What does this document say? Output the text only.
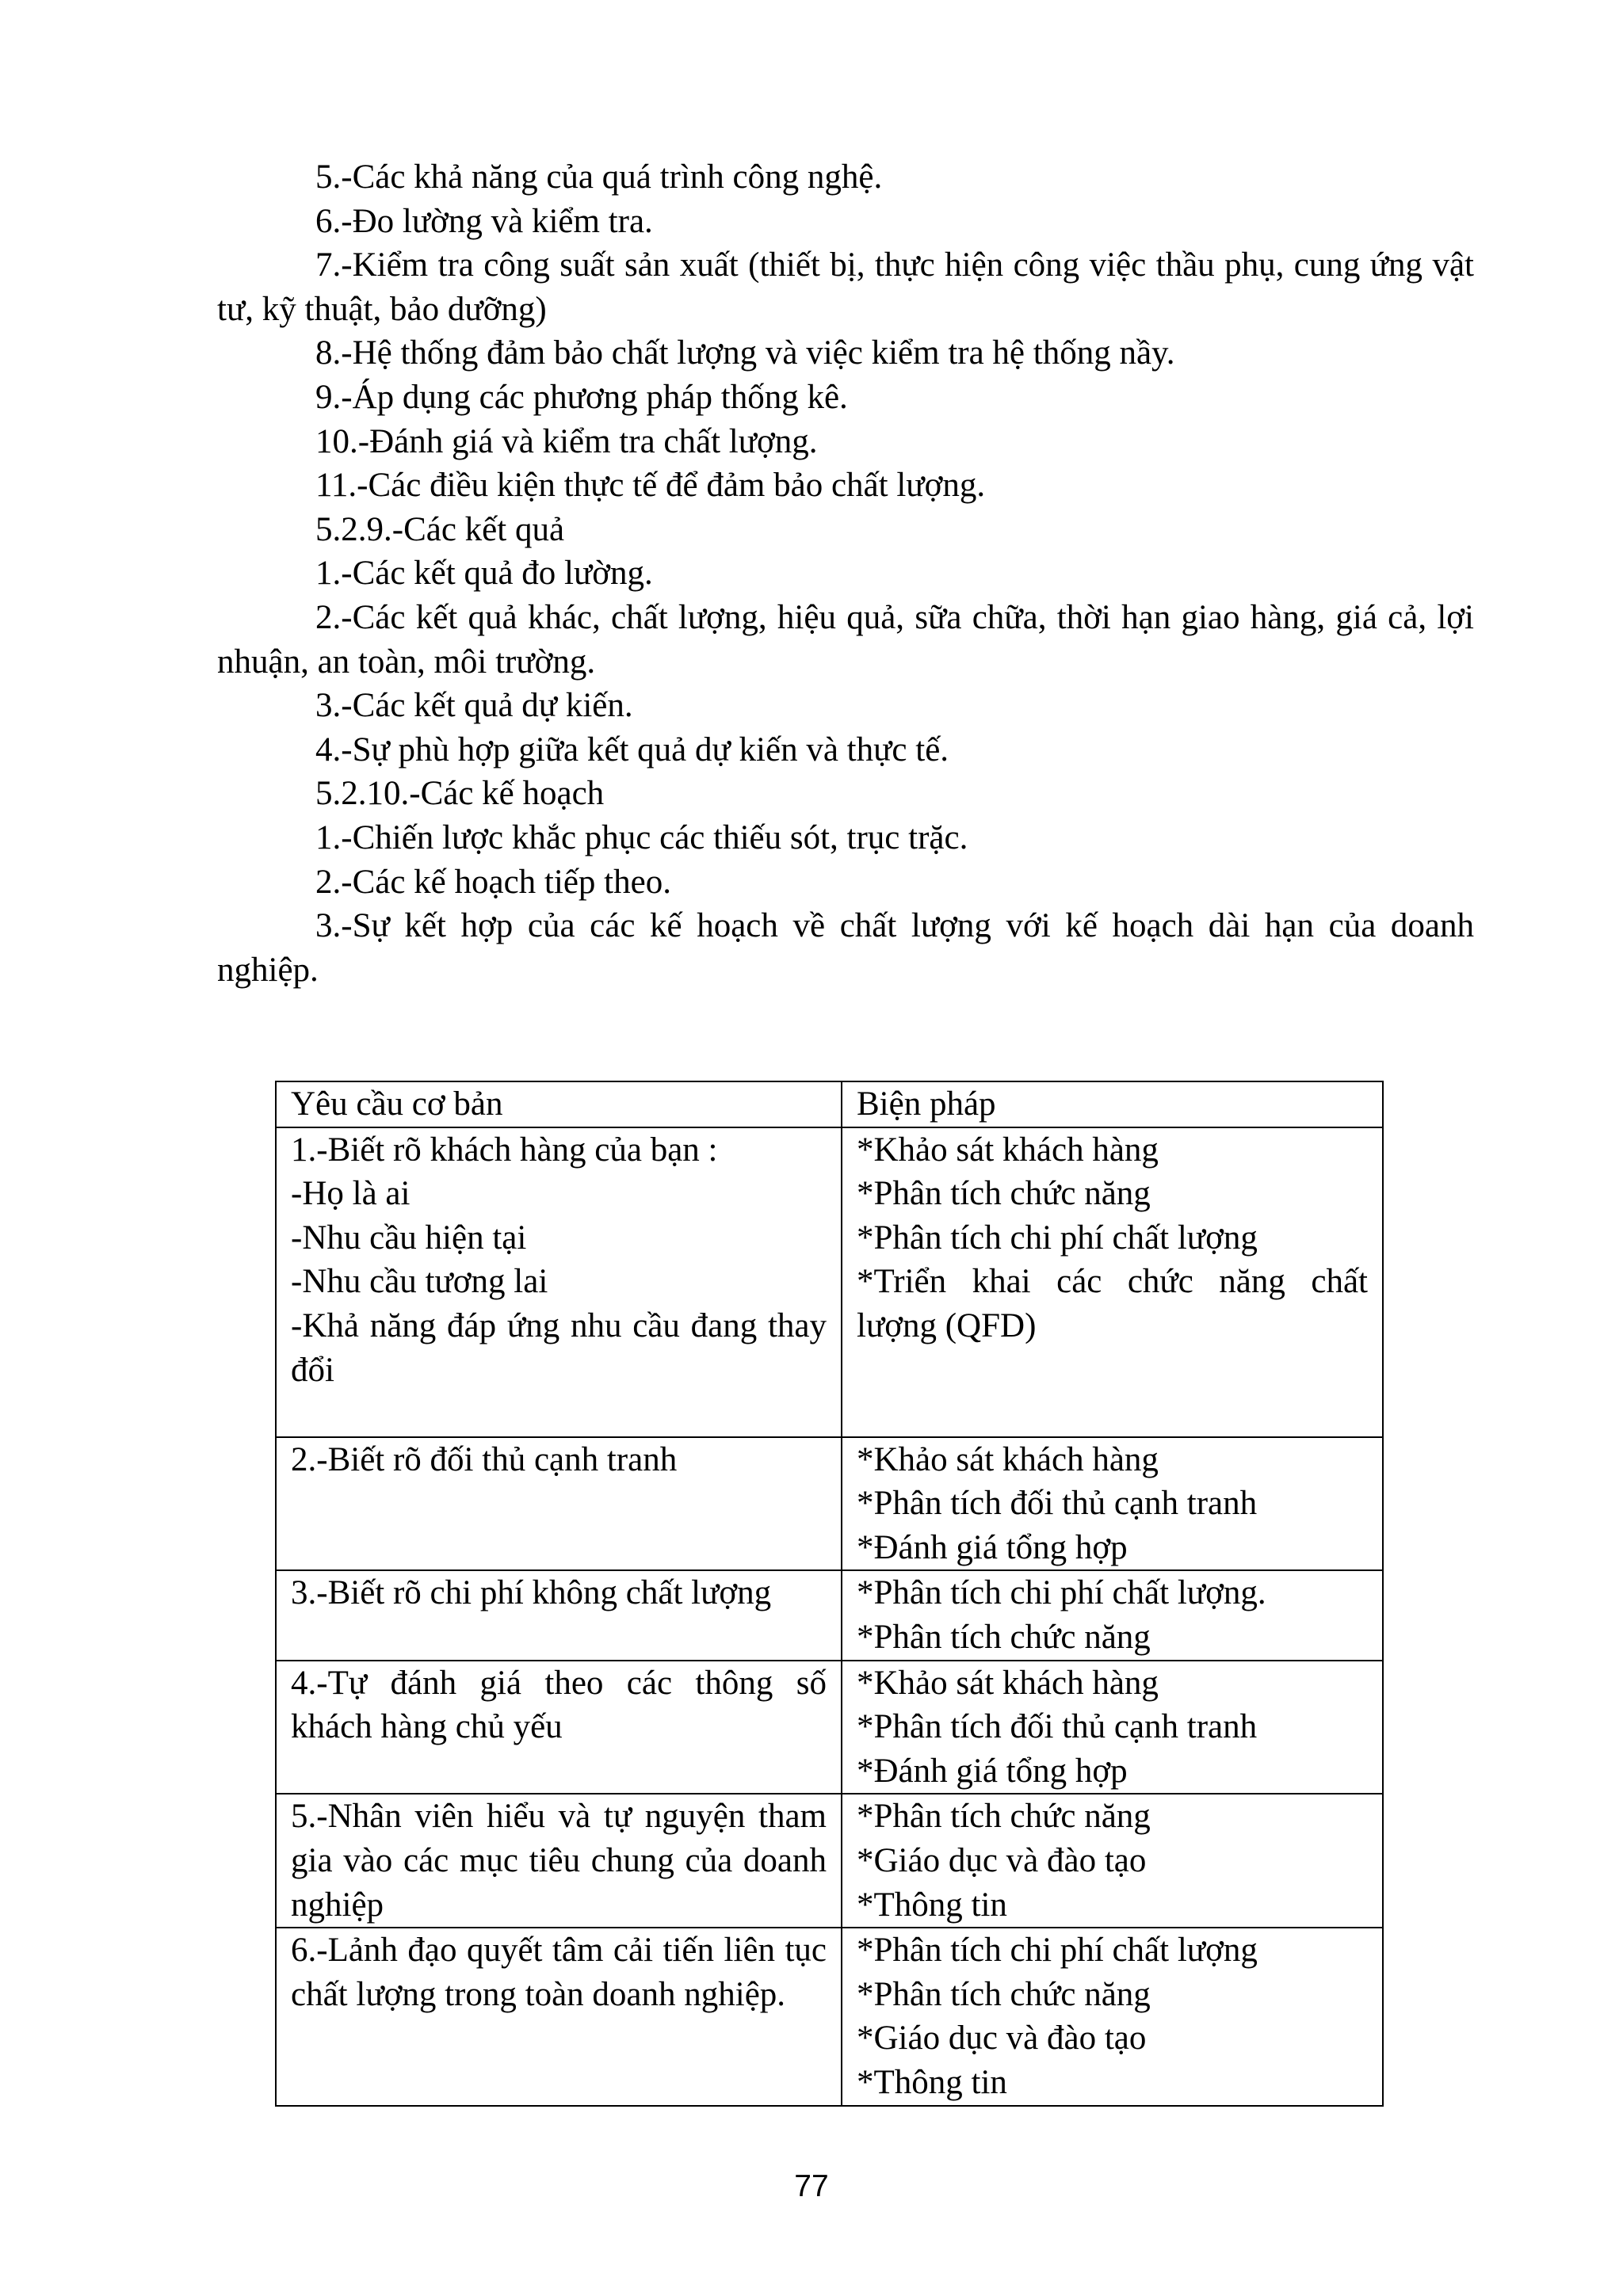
5.-Các khả năng của quá trình công nghệ.

6.-Đo lường và kiểm tra.

7.-Kiểm tra công suất sản xuất (thiết bị, thực hiện công việc thầu phụ, cung ứng vật tư, kỹ thuật, bảo dưỡng)

8.-Hệ thống đảm bảo chất lượng và việc kiểm tra hệ thống nầy.

9.-Áp dụng các phương pháp thống kê.

10.-Đánh giá và kiểm tra chất lượng.

11.-Các điều kiện thực tế để đảm bảo chất lượng.

5.2.9.-Các kết quả

1.-Các kết quả đo lường.

2.-Các kết quả khác, chất lượng, hiệu quả, sữa chữa, thời hạn giao hàng, giá cả, lợi nhuận, an toàn, môi trường.

3.-Các kết quả dự kiến.

4.-Sự phù hợp giữa kết quả dự kiến và thực tế.

5.2.10.-Các kế hoạch

1.-Chiến lược khắc phục các thiếu sót, trục trặc.

2.-Các kế hoạch tiếp theo.

3.-Sự kết hợp của các kế hoạch về chất lượng với kế hoạch dài hạn của doanh nghiệp.

Yêu cầu cơ bản	Biện pháp

1.-Biết rõ khách hàng của bạn :
-Họ là ai
-Nhu cầu hiện tại
-Nhu cầu tương lai
-Khả năng đáp ứng nhu cầu đang thay đổi	*Khảo sát khách hàng
*Phân tích chức năng
*Phân tích chi phí chất lượng
*Triển khai các chức năng chất lượng (QFD)

2.-Biết rõ đối thủ cạnh tranh	*Khảo sát khách hàng
*Phân tích đối thủ cạnh tranh
*Đánh giá tổng hợp

3.-Biết rõ chi phí không chất lượng	*Phân tích chi phí chất lượng.
*Phân tích chức năng

4.-Tự đánh giá theo các thông số khách hàng chủ yếu	*Khảo sát khách hàng
*Phân tích đối thủ cạnh tranh
*Đánh giá tổng hợp

5.-Nhân viên hiểu và tự nguyện tham gia vào các mục tiêu chung của doanh nghiệp	*Phân tích chức năng
*Giáo dục và đào tạo
*Thông tin

6.-Lảnh đạo quyết tâm cải tiến liên tục chất lượng trong toàn doanh nghiệp.	*Phân tích chi phí chất lượng
*Phân tích chức năng
*Giáo dục và đào tạo
*Thông tin
77
